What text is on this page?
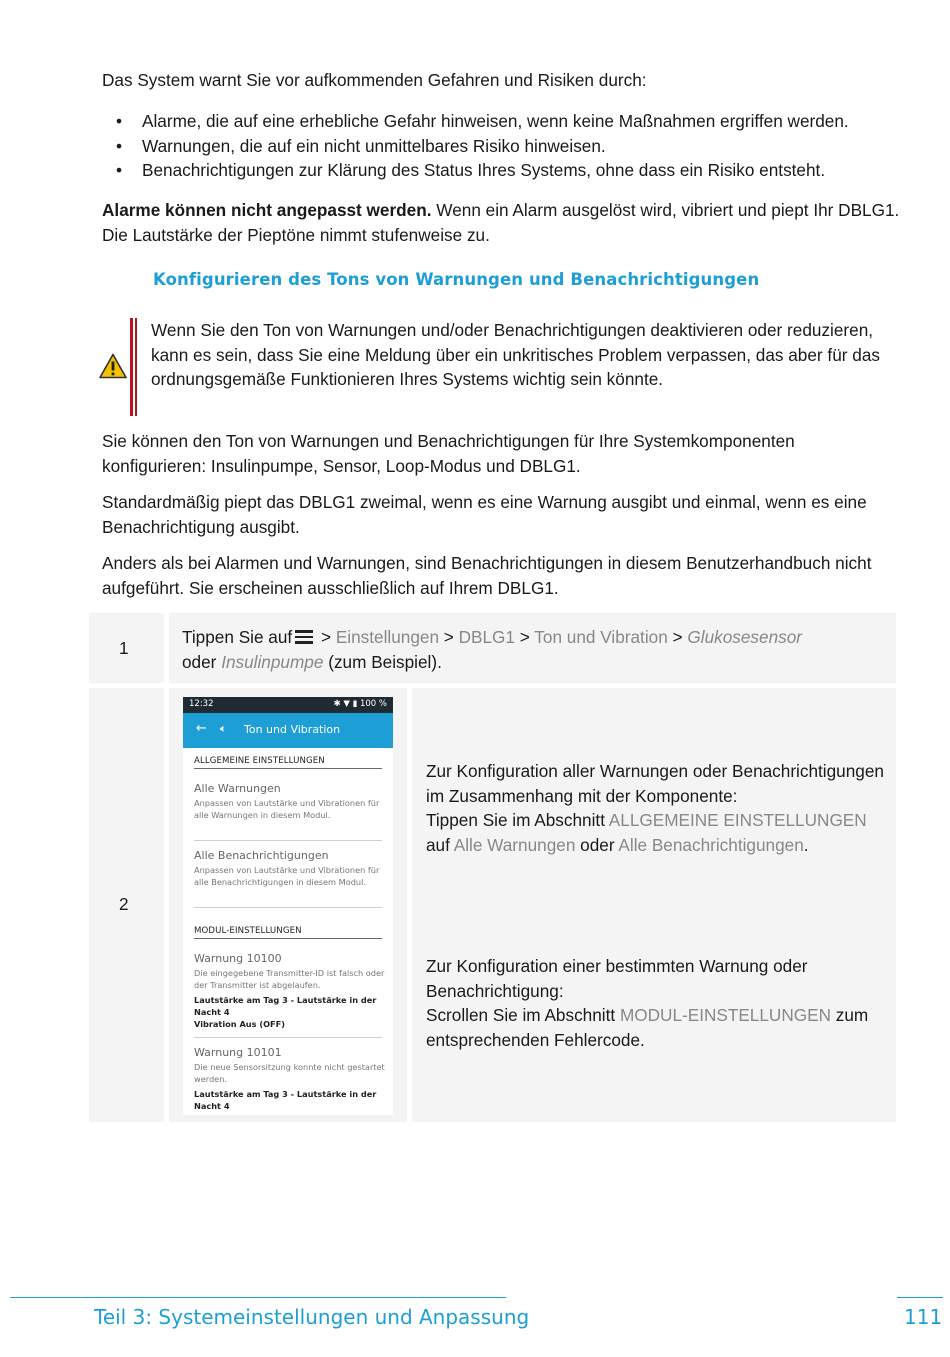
Das System warnt Sie vor aufkommenden Gefahren und Risiken durch:

• Alarme, die auf eine erhebliche Gefahr hinweisen, wenn keine Maßnahmen ergriffen werden.
• Warnungen, die auf ein nicht unmittelbares Risiko hinweisen.
• Benachrichtigungen zur Klärung des Status Ihres Systems, ohne dass ein Risiko entsteht.

Alarme können nicht angepasst werden. Wenn ein Alarm ausgelöst wird, vibriert und piept Ihr DBLG1. Die Lautstärke der Pieptöne nimmt stufenweise zu.

Konfigurieren des Tons von Warnungen und Benachrichtigungen

Wenn Sie den Ton von Warnungen und/oder Benachrichtigungen deaktivieren oder reduzieren, kann es sein, dass Sie eine Meldung über ein unkritisches Problem verpassen, das aber für das ordnungsgemäße Funktionieren Ihres Systems wichtig sein könnte.

Sie können den Ton von Warnungen und Benachrichtigungen für Ihre Systemkomponenten konfigurieren: Insulinpumpe, Sensor, Loop-Modus und DBLG1.

Standardmäßig piept das DBLG1 zweimal, wenn es eine Warnung ausgibt und einmal, wenn es eine Benachrichtigung ausgibt.

Anders als bei Alarmen und Warnungen, sind Benachrichtigungen in diesem Benutzerhandbuch nicht aufgeführt. Sie erscheinen ausschließlich auf Ihrem DBLG1.

1

Tippen Sie auf > Einstellungen > DBLG1 > Ton und Vibration > Glukosesensor
oder Insulinpumpe (zum Beispiel).

2
12:32	✱ ▼ ▮ 100 %
← 🔈︎ Ton und Vibration
ALLGEMEINE EINSTELLUNGEN
Alle Warnungen
Anpassen von Lautstärke und Vibrationen für alle Warnungen in diesem Modul.
Alle Benachrichtigungen
Anpassen von Lautstärke und Vibrationen für alle Benachrichtigungen in diesem Modul.
MODUL-EINSTELLUNGEN
Warnung 10100
Die eingegebene Transmitter-ID ist falsch oder der Transmitter ist abgelaufen.
Lautstärke am Tag 3 - Lautstärke in der Nacht 4
Vibration Aus (OFF)
Warnung 10101
Die neue Sensorsitzung konnte nicht gestartet werden.
Lautstärke am Tag 3 - Lautstärke in der Nacht 4

Zur Konfiguration aller Warnungen oder Benachrichtigungen im Zusammenhang mit der Komponente:

Tippen Sie im Abschnitt ALLGEMEINE EINSTELLUNGEN auf Alle Warnungen oder Alle Benachrichtigungen.

Zur Konfiguration einer bestimmten Warnung oder Benachrichtigung:

Scrollen Sie im Abschnitt MODUL-EINSTELLUNGEN zum entsprechenden Fehlercode.

Teil 3: Systemeinstellungen und Anpassung	111
